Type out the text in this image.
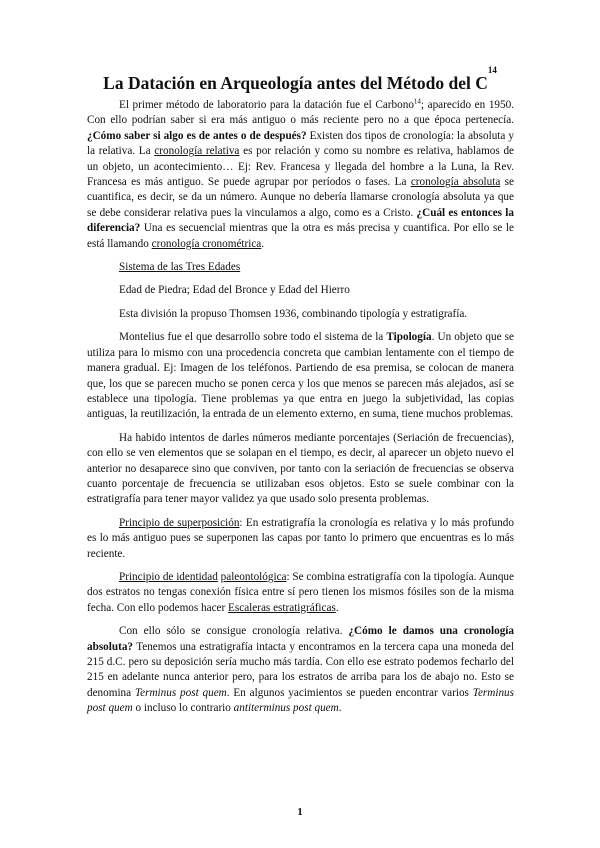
La Datación en Arqueología antes del Método del $C^{14}$

El primer método de laboratorio para la datación fue el Carbono$^{14}$; aparecido en 1950. Con ello podrían saber si era más antiguo o más reciente pero no a que época pertenecía. ¿Cómo saber si algo es de antes o de después? Existen dos tipos de cronología: la absoluta y la relativa. La cronología relativa es por relación y como su nombre es relativa, hablamos de un objeto, un acontecimiento… Ej: Rev. Francesa y llegada del hombre a la Luna, la Rev. Francesa es más antiguo. Se puede agrupar por períodos o fases. La cronología absoluta se cuantifica, es decir, se da un número. Aunque no debería llamarse cronología absoluta ya que se debe considerar relativa pues la vinculamos a algo, como es a Cristo. ¿Cuál es entonces la diferencia? Una es secuencial mientras que la otra es más precisa y cuantifica. Por ello se le está llamando cronología cronométrica.

Sistema de las Tres Edades

Edad de Piedra; Edad del Bronce y Edad del Hierro

Esta división la propuso Thomsen 1936, combinando tipología y estratigrafía.

Montelius fue el que desarrollo sobre todo el sistema de la Tipología. Un objeto que se utiliza para lo mismo con una procedencia concreta que cambian lentamente con el tiempo de manera gradual. Ej: Imagen de los teléfonos. Partiendo de esa premisa, se colocan de manera que, los que se parecen mucho se ponen cerca y los que menos se parecen más alejados, así se establece una tipología. Tiene problemas ya que entra en juego la subjetividad, las copias antiguas, la reutilización, la entrada de un elemento externo, en suma, tiene muchos problemas.

Ha habido intentos de darles números mediante porcentajes (Seriación de frecuencias), con ello se ven elementos que se solapan en el tiempo, es decir, al aparecer un objeto nuevo el anterior no desaparece sino que conviven, por tanto con la seriación de frecuencias se observa cuanto porcentaje de frecuencia se utilizaban esos objetos. Esto se suele combinar con la estratigrafía para tener mayor validez ya que usado solo presenta problemas.

Principio de superposición: En estratigrafía la cronología es relativa y lo más profundo es lo más antiguo pues se superponen las capas por tanto lo primero que encuentras es lo más reciente.

Principio de identidad paleontológica: Se combina estratigrafía con la tipología. Aunque dos estratos no tengas conexión física entre sí pero tienen los mismos fósiles son de la misma fecha. Con ello podemos hacer Escaleras estratigráficas.

Con ello sólo se consigue cronología relativa. ¿Cómo le damos una cronología absoluta? Tenemos una estratigrafía intacta y encontramos en la tercera capa una moneda del 215 d.C. pero su deposición sería mucho más tardía. Con ello ese estrato podemos fecharlo del 215 en adelante nunca anterior pero, para los estratos de arriba para los de abajo no. Esto se denomina Terminus post quem. En algunos yacimientos se pueden encontrar varios Terminus post quem o incluso lo contrario antiterminus post quem.

1
